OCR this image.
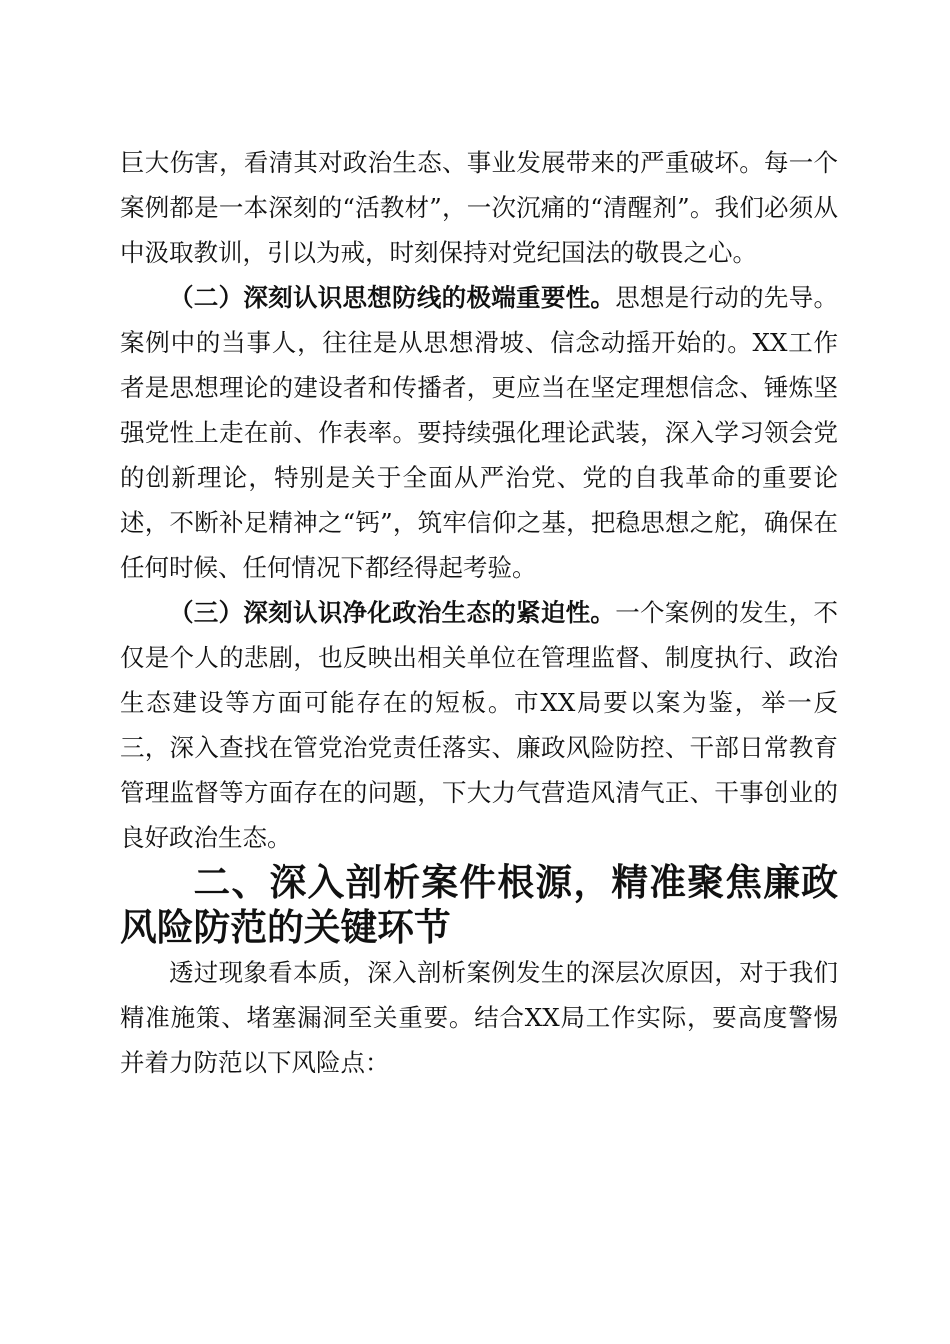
巨大伤害，看清其对政治生态、事业发展带来的严重破坏。每一个案例都是一本深刻的“活教材”，一次沉痛的“清醒剂”。我们必须从中汲取教训，引以为戒，时刻保持对党纪国法的敬畏之心。

（二）深刻认识思想防线的极端重要性。思想是行动的先导。案例中的当事人，往往是从思想滑坡、信念动摇开始的。XX工作者是思想理论的建设者和传播者，更应当在坚定理想信念、锤炼坚强党性上走在前、作表率。要持续强化理论武装，深入学习领会党的创新理论，特别是关于全面从严治党、党的自我革命的重要论述，不断补足精神之“钙”，筑牢信仰之基，把稳思想之舵，确保在任何时候、任何情况下都经得起考验。

（三）深刻认识净化政治生态的紧迫性。一个案例的发生，不仅是个人的悲剧，也反映出相关单位在管理监督、制度执行、政治生态建设等方面可能存在的短板。市XX局要以案为鉴，举一反三，深入查找在管党治党责任落实、廉政风险防控、干部日常教育管理监督等方面存在的问题，下大力气营造风清气正、干事创业的良好政治生态。

二、深入剖析案件根源，精准聚焦廉政风险防范的关键环节

透过现象看本质，深入剖析案例发生的深层次原因，对于我们精准施策、堵塞漏洞至关重要。结合XX局工作实际，要高度警惕并着力防范以下风险点：
